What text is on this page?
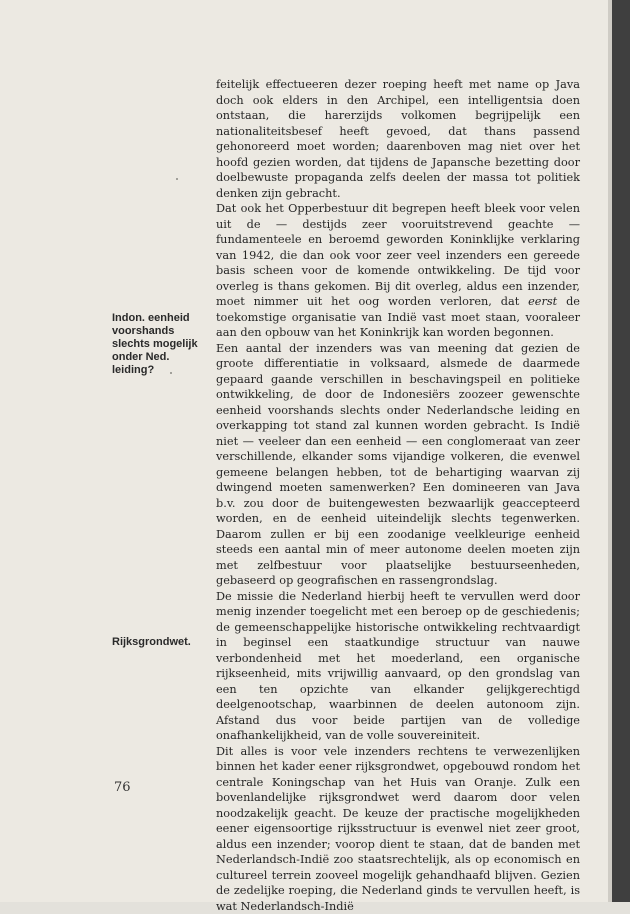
Indon. eenheid voorshands slechts mogelijk onder Ned. leiding?

Rijksgrondwet.

feitelijk effectueeren dezer roeping heeft met name op Java doch ook elders in den Archipel, een intelligentsia doen ontstaan, die harerzijds volkomen begrijpelijk een nationaliteitsbesef heeft gevoed, dat thans passend gehonoreerd moet worden; daarenboven mag niet over het hoofd gezien worden, dat tijdens de Japansche bezetting door doelbewuste propaganda zelfs deelen der massa tot politiek denken zijn gebracht.

Dat ook het Opperbestuur dit begrepen heeft bleek voor velen uit de — destijds zeer vooruitstrevend geachte — fundamenteele en beroemd geworden Koninklijke verklaring van 1942, die dan ook voor zeer veel inzenders een gereede basis scheen voor de komende ontwikkeling. De tijd voor overleg is thans gekomen. Bij dit overleg, aldus een inzender, moet nimmer uit het oog worden verloren, dat eerst de toekomstige organisatie van Indië vast moet staan, vooraleer aan den opbouw van het Koninkrijk kan worden begonnen.

Een aantal der inzenders was van meening dat gezien de groote differentiatie in volksaard, alsmede de daarmede gepaard gaande verschillen in beschavingspeil en politieke ontwikkeling, de door de Indonesiërs zoozeer gewenschte eenheid voorshands slechts onder Nederlandsche leiding en overkapping tot stand zal kunnen worden gebracht. Is Indië niet — veeleer dan een eenheid — een conglomeraat van zeer verschillende, elkander soms vijandige volkeren, die evenwel gemeene belangen hebben, tot de behartiging waarvan zij dwingend moeten samenwerken? Een domineeren van Java b.v. zou door de buitengewesten bezwaarlijk geaccepteerd worden, en de eenheid uiteindelijk slechts tegenwerken. Daarom zullen er bij een zoodanige veelkleurige eenheid steeds een aantal min of meer autonome deelen moeten zijn met zelfbestuur voor plaatselijke bestuurseenheden, gebaseerd op geografischen en rassengrondslag.

De missie die Nederland hierbij heeft te vervullen werd door menig inzender toegelicht met een beroep op de geschiedenis; de gemeenschappelijke historische ontwikkeling rechtvaardigt in beginsel een staatkundige structuur van nauwe verbondenheid met het moederland, een organische rijkseenheid, mits vrijwillig aanvaard, op den grondslag van een ten opzichte van elkander gelijkgerechtigd deelgenootschap, waarbinnen de deelen autonoom zijn. Afstand dus voor beide partijen van de volledige onafhankelijkheid, van de volle souvereiniteit.

Dit alles is voor vele inzenders rechtens te verwezenlijken binnen het kader eener rijksgrondwet, opgebouwd rondom het centrale Koningschap van het Huis van Oranje. Zulk een bovenlandelijke rijksgrondwet werd daarom door velen noodzakelijk geacht. De keuze der practische mogelijkheden eener eigensoortige rijksstructuur is evenwel niet zeer groot, aldus een inzender; voorop dient te staan, dat de banden met Nederlandsch-Indië zoo staatsrechtelijk, als op economisch en cultureel terrein zooveel mogelijk gehandhaafd blijven. Gezien de zedelijke roeping, die Nederland ginds te vervullen heeft, is wat Nederlandsch-Indië

76
